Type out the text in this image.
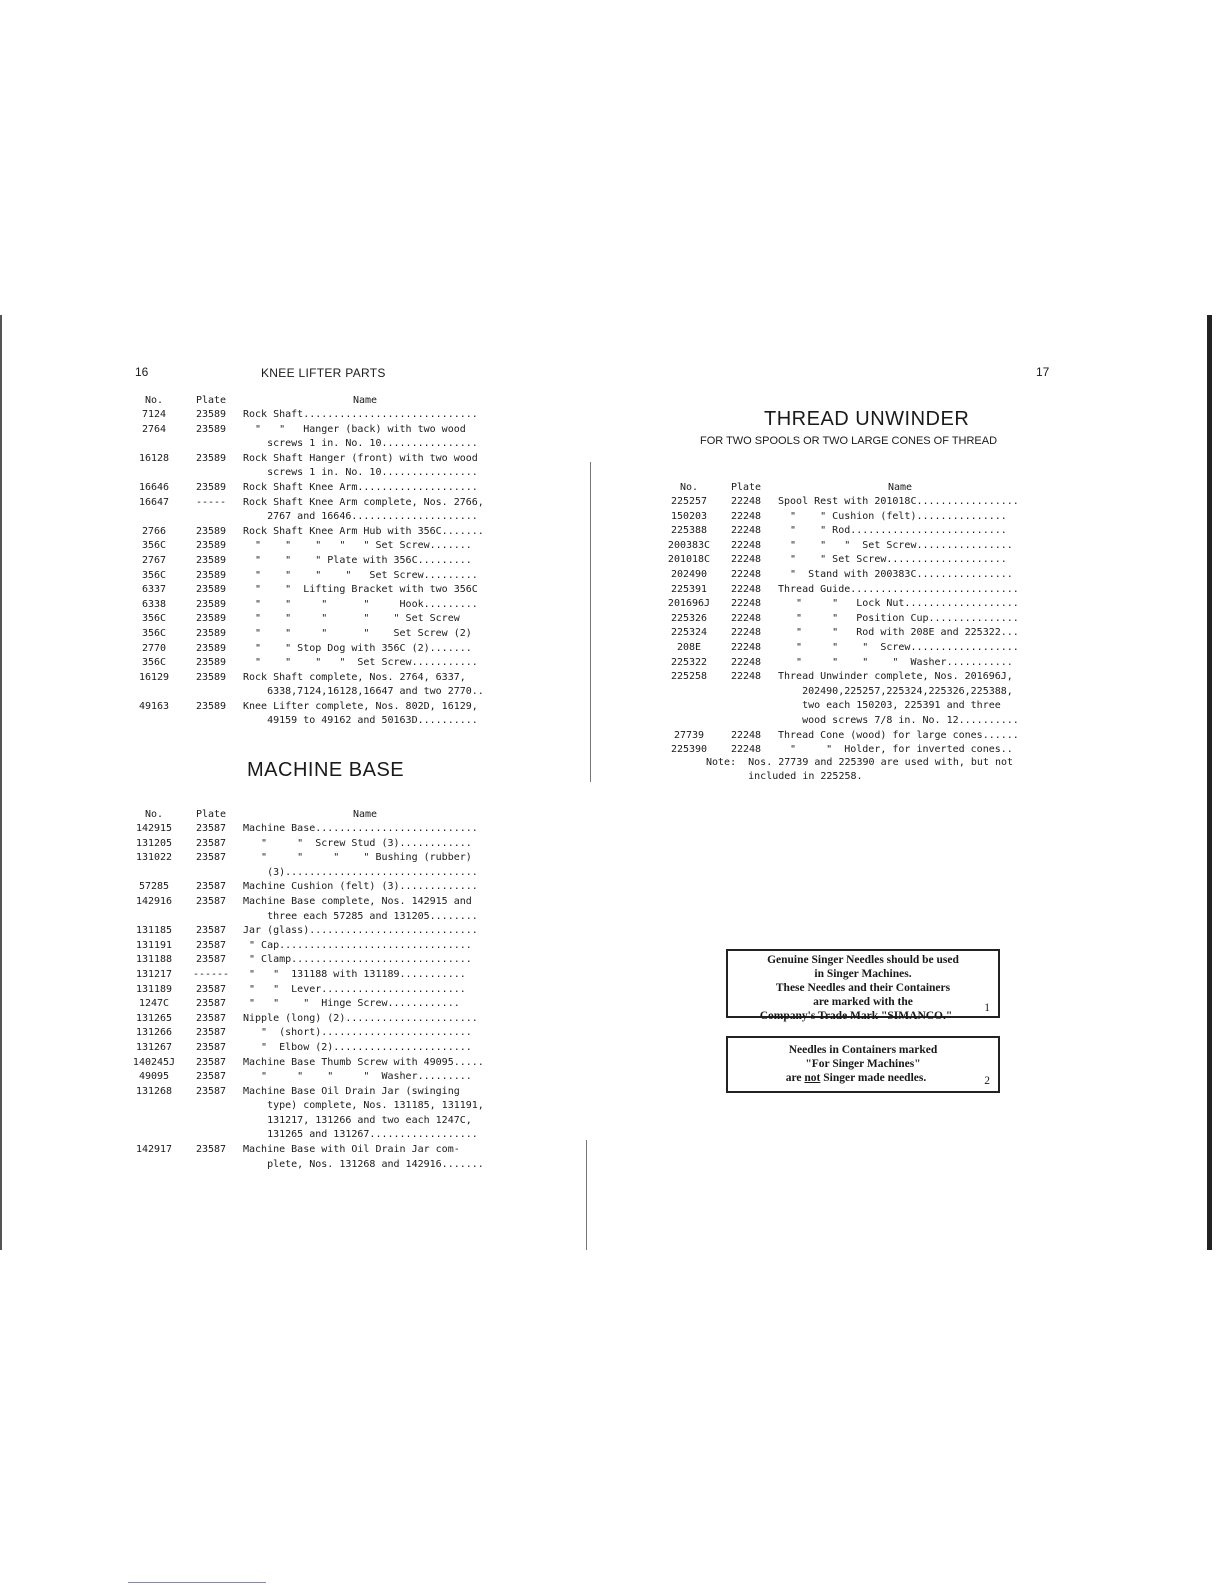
16	KNEE LIFTER PARTS
No.	Plate	Name
7124	23589	Rock Shaft.............................
2764	23589	"   "   Hanger (back) with two wood
screws 1 in. No. 10................
16128	23589	Rock Shaft Hanger (front) with two wood
screws 1 in. No. 10................
16646	23589	Rock Shaft Knee Arm....................
16647	-----	Rock Shaft Knee Arm complete, Nos. 2766,
2767 and 16646.....................
2766	23589	Rock Shaft Knee Arm Hub with 356C.......
356C	23589	"    "    "   "   " Set Screw.......
2767	23589	"    "    " Plate with 356C.........
356C	23589	"    "    "    "   Set Screw.........
6337	23589	"    "  Lifting Bracket with two 356C
6338	23589	"    "     "      "     Hook.........
356C	23589	"    "     "      "    " Set Screw
356C	23589	"    "     "      "    Set Screw (2)
2770	23589	"    " Stop Dog with 356C (2).......
356C	23589	"    "    "   "  Set Screw...........
16129	23589	Rock Shaft complete, Nos. 2764, 6337,
6338,7124,16128,16647 and two 2770..
49163	23589	Knee Lifter complete, Nos. 802D, 16129,
49159 to 49162 and 50163D..........
MACHINE BASE
No.	Plate	Name
142915	23587	Machine Base...........................
131205	23587	"     "  Screw Stud (3)............
131022	23587	"     "     "    " Bushing (rubber)
(3)................................
57285	23587	Machine Cushion (felt) (3).............
142916	23587	Machine Base complete, Nos. 142915 and
three each 57285 and 131205........
131185	23587	Jar (glass)............................
131191	23587	" Cap................................
131188	23587	" Clamp..............................
131217	------	"   "  131188 with 131189...........
131189	23587	"   "  Lever........................
1247C	23587	"   "    "  Hinge Screw............
131265	23587	Nipple (long) (2)......................
131266	23587	"  (short).........................
131267	23587	"  Elbow (2).......................
140245J	23587	Machine Base Thumb Screw with 49095.....
49095	23587	"     "    "     "  Washer.........
131268	23587	Machine Base Oil Drain Jar (swinging
type) complete, Nos. 131185, 131191,
131217, 131266 and two each 1247C,
131265 and 131267..................
142917	23587	Machine Base with Oil Drain Jar com-
plete, Nos. 131268 and 142916.......
17
THREAD UNWINDER
FOR TWO SPOOLS OR TWO LARGE CONES OF THREAD
No.	Plate	Name
225257	22248	Spool Rest with 201018C.................
150203	22248	"    " Cushion (felt)...............
225388	22248	"    " Rod..........................
200383C	22248	"    "   "  Set Screw................
201018C	22248	"    " Set Screw....................
202490	22248	"  Stand with 200383C................
225391	22248	Thread Guide............................
201696J	22248	"     "   Lock Nut...................
225326	22248	"     "   Position Cup...............
225324	22248	"     "   Rod with 208E and 225322...
208E	22248	"     "    "  Screw..................
225322	22248	"     "    "    "  Washer...........
225258	22248	Thread Unwinder complete, Nos. 201696J,
202490,225257,225324,225326,225388,
two each 150203, 225391 and three
wood screws 7/8 in. No. 12..........
27739	22248	Thread Cone (wood) for large cones......
225390	22248	"     "  Holder, for inverted cones..
Note:  Nos. 27739 and 225390 are used with, but not
included in 225258.
Genuine Singer Needles should be used
in Singer Machines.
These Needles and their Containers
are marked with the
Company's Trade Mark "SIMANCO."
1
Needles in Containers marked
"For Singer Machines"
are not Singer made needles.	2
